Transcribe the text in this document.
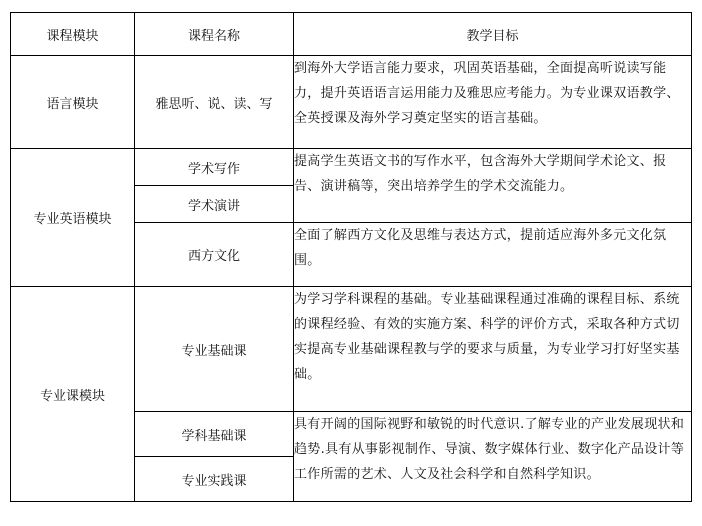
课程模块	课程名称	教学目标
语言模块	雅思听、说、读、写	到海外大学语言能力要求，巩固英语基础，全面提高听说读写能力，提升英语语言运用能力及雅思应考能力。为专业课双语教学、全英授课及海外学习奠定坚实的语言基础。
专业英语模块	学术写作	提高学生英语文书的写作水平，包含海外大学期间学术论文、报告、演讲稿等，突出培养学生的学术交流能力。
	学术演讲	
	西方文化	全面了解西方文化及思维与表达方式，提前适应海外多元文化氛围。
专业课模块	专业基础课	为学习学科课程的基础。专业基础课程通过准确的课程目标、系统的课程经验、有效的实施方案、科学的评价方式，采取各种方式切实提高专业基础课程教与学的要求与质量，为专业学习打好坚实基础。
	学科基础课	具有开阔的国际视野和敏锐的时代意识.了解专业的产业发展现状和趋势.具有从事影视制作、导演、数字媒体行业、数字化产品设计等工作所需的艺术、人文及社会科学和自然科学知识。
	专业实践课	
